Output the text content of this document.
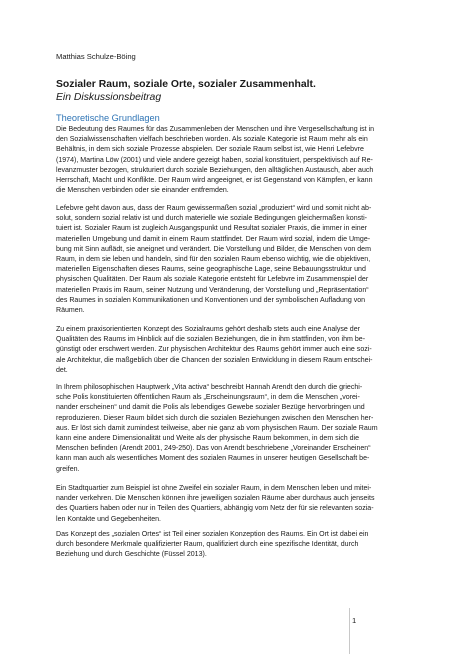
Matthias Schulze-Böing
Sozialer Raum, soziale Orte, sozialer Zusammenhalt.
Ein Diskussionsbeitrag
Theoretische Grundlagen
Die Bedeutung des Raumes für das Zusammenleben der Menschen und ihre Vergesellschaftung ist in
den Sozialwissenschaften vielfach beschrieben worden. Als soziale Kategorie ist Raum mehr als ein
Behältnis, in dem sich soziale Prozesse abspielen. Der soziale Raum selbst ist, wie Henri Lefebvre
(1974), Martina Löw (2001) und viele andere gezeigt haben, sozial konstituiert, perspektivisch auf Re-
levanzmuster bezogen, strukturiert durch soziale Beziehungen, den alltäglichen Austausch, aber auch
Herrschaft, Macht und Konflikte. Der Raum wird angeeignet, er ist Gegenstand von Kämpfen, er kann
die Menschen verbinden oder sie einander entfremden.
Lefebvre geht davon aus, dass der Raum gewissermaßen sozial „produziert“ wird und somit nicht ab-
solut, sondern sozial relativ ist und durch materielle wie soziale Bedingungen gleichermaßen konsti-
tuiert ist. Sozialer Raum ist zugleich Ausgangspunkt und Resultat sozialer Praxis, die immer in einer
materiellen Umgebung und damit in einem Raum stattfindet. Der Raum wird sozial, indem die Umge-
bung mit Sinn auflädt, sie aneignet und verändert. Die Vorstellung und Bilder, die Menschen von dem
Raum, in dem sie leben und handeln, sind für den sozialen Raum ebenso wichtig, wie die objektiven,
materiellen Eigenschaften dieses Raums, seine geographische Lage, seine Bebauungsstruktur und
physischen Qualitäten. Der Raum als soziale Kategorie entsteht für Lefebvre im Zusammenspiel der
materiellen Praxis im Raum, seiner Nutzung und Veränderung, der Vorstellung und „Repräsentation“
des Raumes in sozialen Kommunikationen und Konventionen und der symbolischen Aufladung von
Räumen.
Zu einem praxisorientierten Konzept des Sozialraums gehört deshalb stets auch eine Analyse der
Qualitäten des Raums im Hinblick auf die sozialen Beziehungen, die in ihm stattfinden, von ihm be-
günstigt oder erschwert werden. Zur physischen Architektur des Raums gehört immer auch eine sozi-
ale Architektur, die maßgeblich über die Chancen der sozialen Entwicklung in diesem Raum entschei-
det.
In Ihrem philosophischen Hauptwerk „Vita activa“ beschreibt Hannah Arendt den durch die griechi-
sche Polis konstituierten öffentlichen Raum als „Erscheinungsraum“, in dem die Menschen „vorei-
nander erscheinen“ und damit die Polis als lebendiges Gewebe sozialer Bezüge hervorbringen und
reproduzieren. Dieser Raum bildet sich durch die sozialen Beziehungen zwischen den Menschen her-
aus. Er löst sich damit zumindest teilweise, aber nie ganz ab vom physischen Raum. Der soziale Raum
kann eine andere Dimensionalität und Weite als der physische Raum bekommen, in dem sich die
Menschen befinden (Arendt 2001, 249-250). Das von Arendt beschriebene „Voreinander Erscheinen“
kann man auch als wesentliches Moment des sozialen Raumes in unserer heutigen Gesellschaft be-
greifen.
Ein Stadtquartier zum Beispiel ist ohne Zweifel ein sozialer Raum, in dem Menschen leben und mitei-
nander verkehren. Die Menschen können ihre jeweiligen sozialen Räume aber durchaus auch jenseits
des Quartiers haben oder nur in Teilen des Quartiers, abhängig vom Netz der für sie relevanten sozia-
len Kontakte und Gegebenheiten.
Das Konzept des „sozialen Ortes“ ist Teil einer sozialen Konzeption des Raums. Ein Ort ist dabei ein
durch besondere Merkmale qualifizierter Raum, qualifiziert durch eine spezifische Identität, durch
Beziehung und durch Geschichte (Füssel 2013).
1
